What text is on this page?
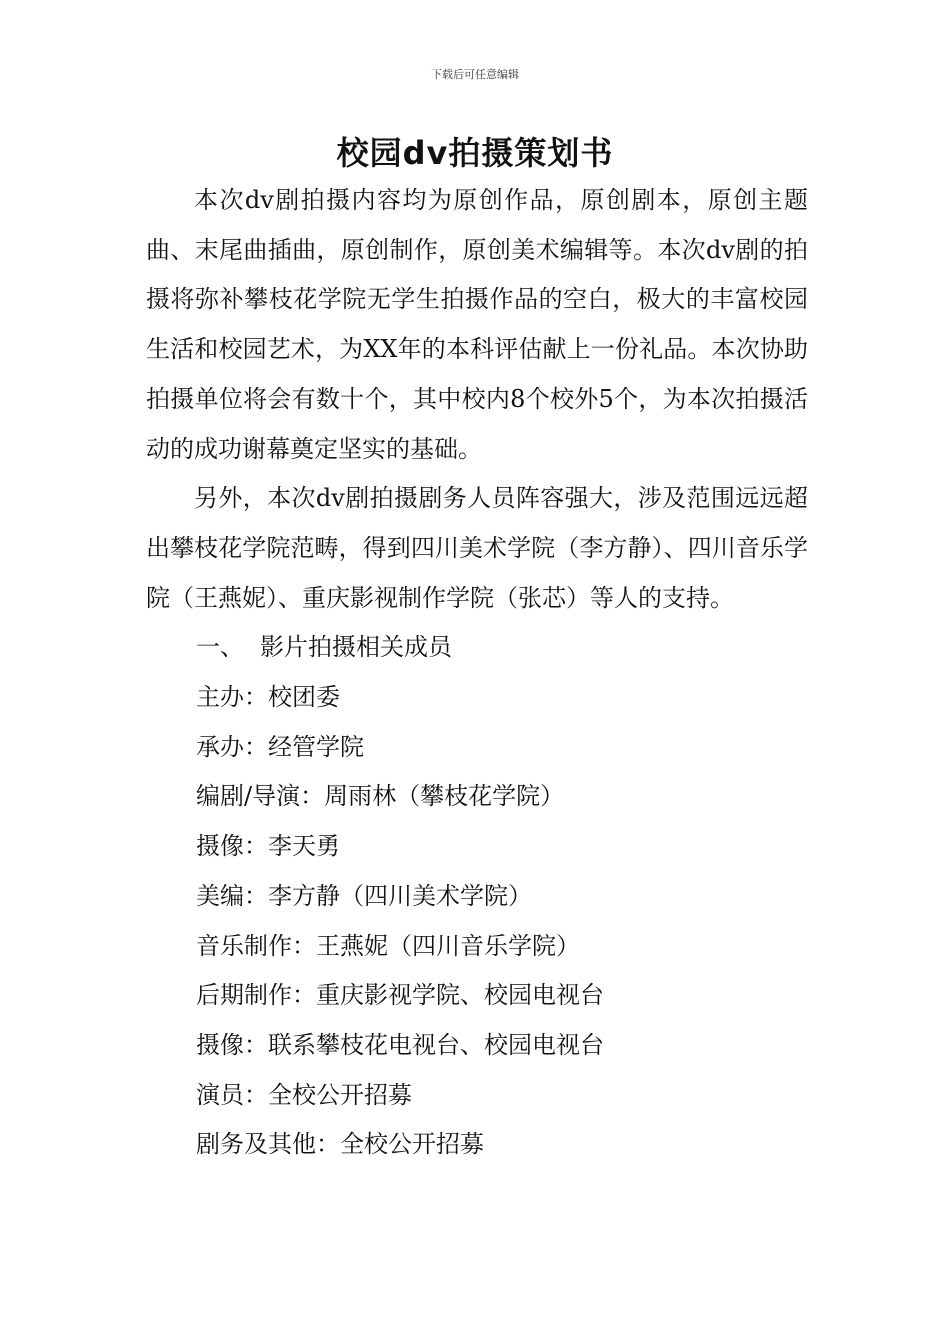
下载后可任意编辑
校园dv拍摄策划书

本次dv剧拍摄内容均为原创作品，原创剧本，原创主题曲、末尾曲插曲，原创制作，原创美术编辑等。本次dv剧的拍摄将弥补攀枝花学院无学生拍摄作品的空白，极大的丰富校园生活和校园艺术，为XX年的本科评估献上一份礼品。本次协助拍摄单位将会有数十个，其中校内8个校外5个，为本次拍摄活动的成功谢幕奠定坚实的基础。

另外，本次dv剧拍摄剧务人员阵容强大，涉及范围远远超出攀枝花学院范畴，得到四川美术学院（李方静）、四川音乐学院（王燕妮）、重庆影视制作学院（张芯）等人的支持。

一、 影片拍摄相关成员

主办：校团委

承办：经管学院

编剧/导演：周雨林（攀枝花学院）

摄像：李天勇

美编：李方静（四川美术学院）

音乐制作：王燕妮（四川音乐学院）

后期制作：重庆影视学院、校园电视台

摄像：联系攀枝花电视台、校园电视台

演员：全校公开招募

剧务及其他：全校公开招募
